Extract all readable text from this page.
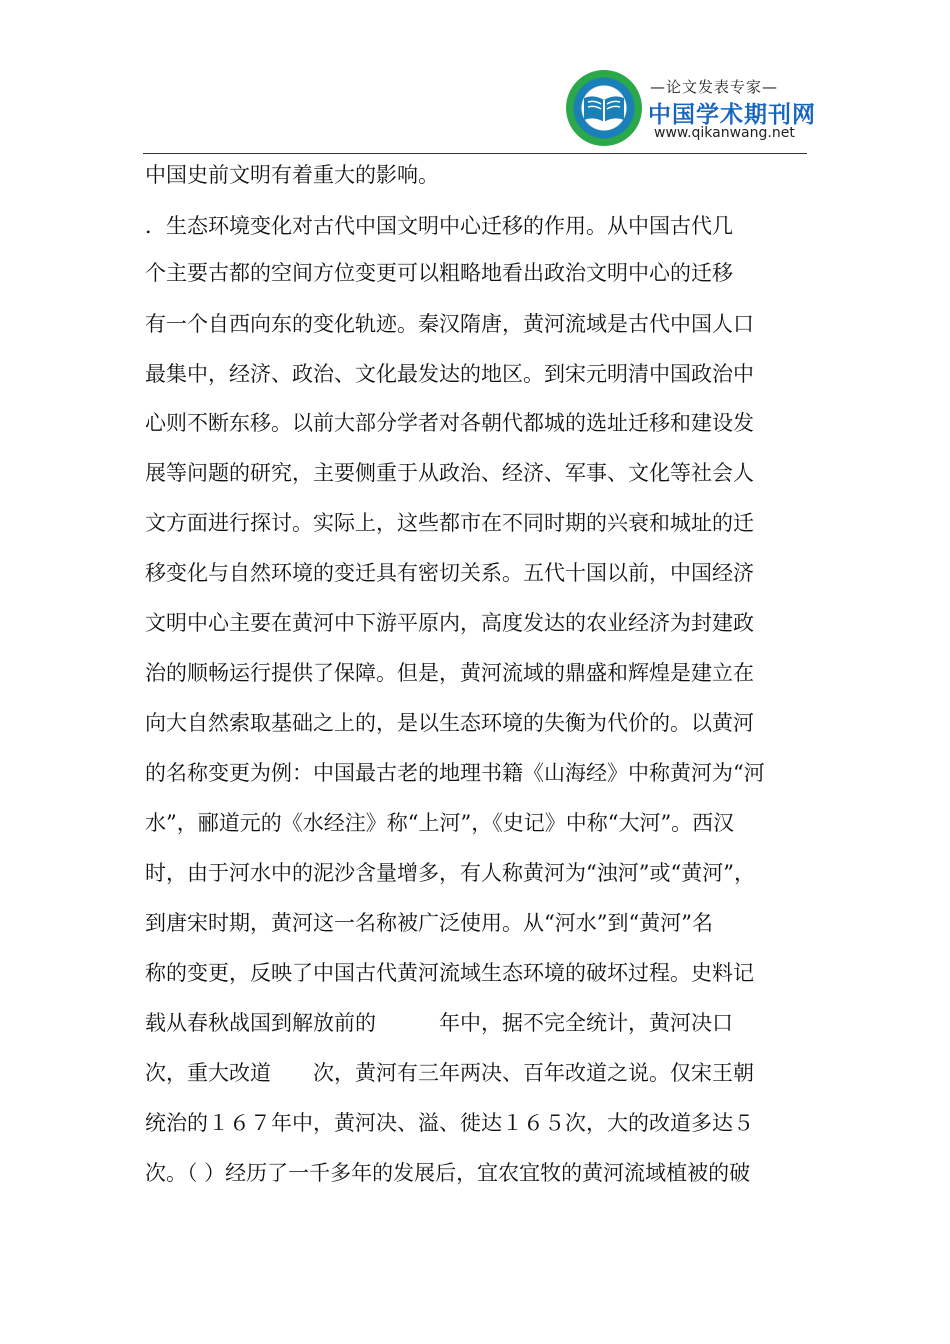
—论文发表专家—
中国学术期刊网
www.qikanwang.net
中国史前文明有着重大的影响。
．生态环境变化对古代中国文明中心迁移的作用。从中国古代几
个主要古都的空间方位变更可以粗略地看出政治文明中心的迁移
有一个自西向东的变化轨迹。秦汉隋唐，黄河流域是古代中国人口
最集中，经济、政治、文化最发达的地区。到宋元明清中国政治中
心则不断东移。以前大部分学者对各朝代都城的选址迁移和建设发
展等问题的研究，主要侧重于从政治、经济、军事、文化等社会人
文方面进行探讨。实际上，这些都市在不同时期的兴衰和城址的迁
移变化与自然环境的变迁具有密切关系。五代十国以前，中国经济
文明中心主要在黄河中下游平原内，高度发达的农业经济为封建政
治的顺畅运行提供了保障。但是，黄河流域的鼎盛和辉煌是建立在
向大自然索取基础之上的，是以生态环境的失衡为代价的。以黄河
的名称变更为例：中国最古老的地理书籍《山海经》中称黄河为“河
水”，郦道元的《水经注》称“上河”，《史记》中称“大河”。西汉
时，由于河水中的泥沙含量增多，有人称黄河为“浊河”或“黄河”，
到唐宋时期，黄河这一名称被广泛使用。从“河水”到“黄河”名
称的变更，反映了中国古代黄河流域生态环境的破坏过程。史料记
载从春秋战国到解放前的　　　年中，据不完全统计，黄河决口
次，重大改道　　次，黄河有三年两决、百年改道之说。仅宋王朝
统治的１６７年中，黄河决、溢、徙达１６５次，大的改道多达５
次。（ ）经历了一千多年的发展后，宜农宜牧的黄河流域植被的破
